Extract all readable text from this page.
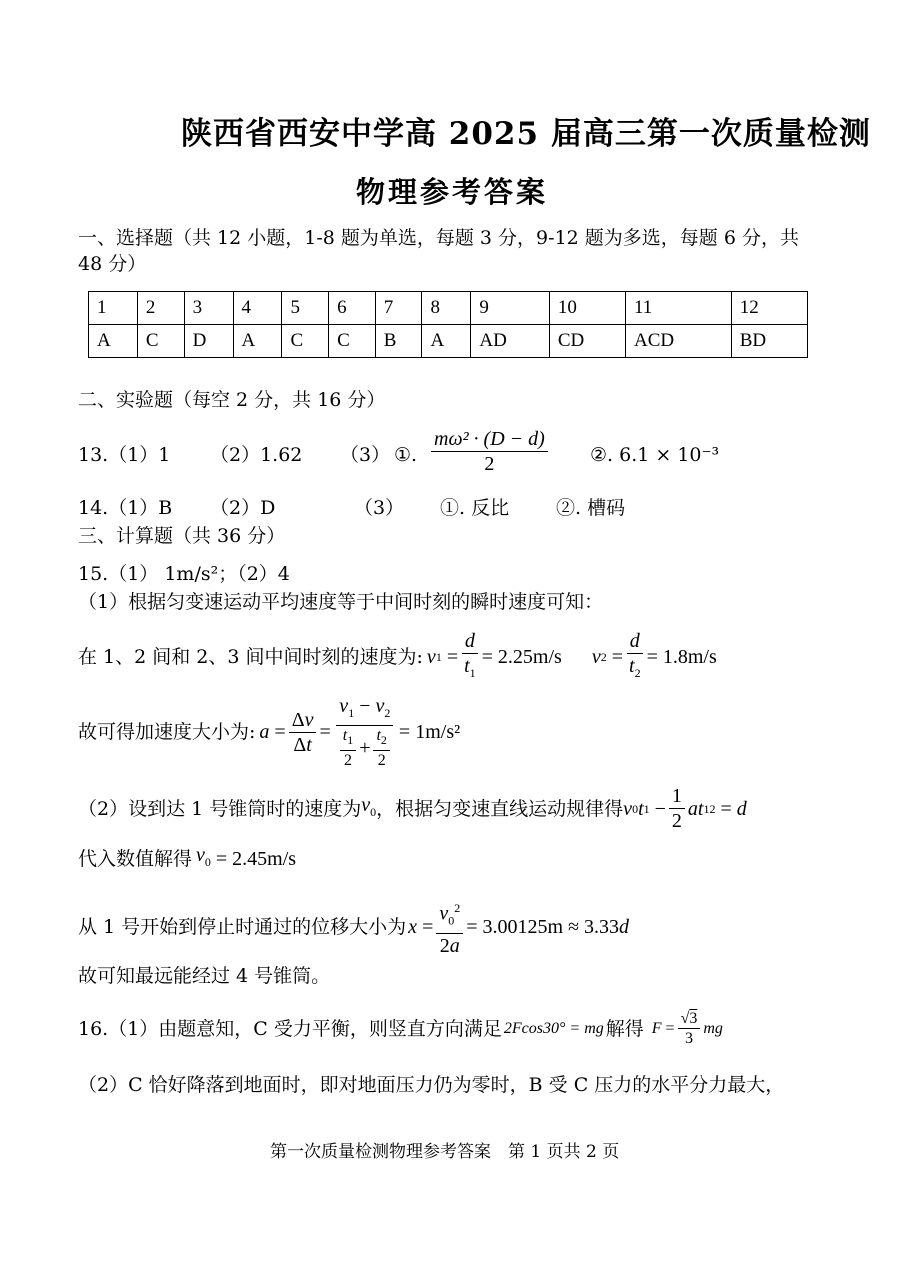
陕西省西安中学高 2025 届高三第一次质量检测
物理参考答案
一、选择题（共 12 小题，1-8 题为单选，每题 3 分，9-12 题为多选，每题 6 分，共
48 分）
1	2	3	4	5	6	7	8	9	10	11	12
A	C	D	A	C	C	B	A	AD	CD	ACD	BD
二、实验题（每空 2 分，共 16 分）
13.（1）1 （2）1.62 （3） ①. $\frac{\text{mω² · (D − d)}}{2}$ ②. 6.1 × 10⁻³
14.（1）B （2）D	（3） ①. 反比 ②. 槽码
三、计算题（共 36 分）
15.（1） 1m/s²；（2）4
（1）根据匀变速运动平均速度等于中间时刻的瞬时速度可知：
在 1、2 间和 2、3 间中间时刻的速度为: v $1 = \frac{d}{t_1} = 2.25m/s$ v $2 = \frac{d}{t_2} = 1.8m/s$
故可得加速度大小为: $a = \frac{\Delta v}{\Delta t} = \frac{v_1 - v_2}{\frac{t_1}{2} + \frac{t_2}{2}} = 1m/s^2$
（2）设到达 1 号锥筒时的速度为 $v_0$ ，根据匀变速直线运动规律得 v 0 t $1 - \frac{1}{2}$ at 1 2 = d
代入数值解得 $v_0 = 2.45m/s$
从 1 号开始到停止时通过的位移大小为 $x = \frac{v_0^2}{2a} = 3.00125m \approx 3.33$ d
故可知最远能经过 4 号锥筒。
16.（1）由题意知，C 受力平衡，则竖直方向满足 2Fcos30° = mg 解得 $F = \frac{√3}{3}$ mg
（2）C 恰好降落到地面时，即对地面压力仍为零时，B 受 C 压力的水平分力最大，
第一次质量检测物理参考答案　第 1 页共 2 页
